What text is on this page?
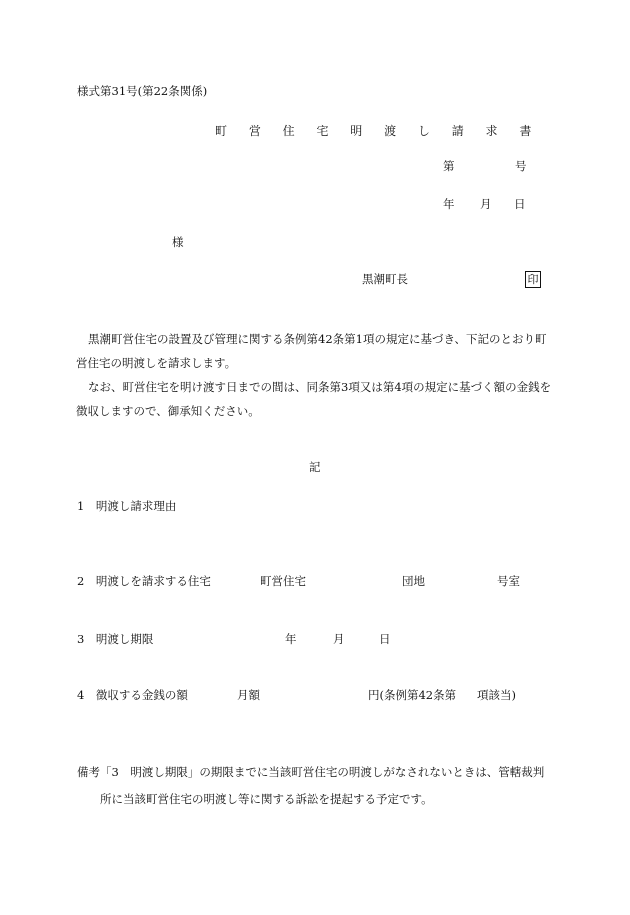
様式第31号(第22条関係)
町 営 住 宅 明 渡 し 請 求 書
第	号
年 月 日
様
黒潮町長	印

黒潮町営住宅の設置及び管理に関する条例第42条第1項の規定に基づき、下記のとおり町営住宅の明渡しを請求します。

なお、町営住宅を明け渡す日までの間は、同条第3項又は第4項の規定に基づく額の金銭を徴収しますので、御承知ください。

記
1　明渡し請求理由
2　明渡しを請求する住宅	町営住宅	団地	号室
3　明渡し期限	年	月	日
4　徴収する金銭の額	月額	円(条例第42条第 項該当)
備考「3　明渡し期限」の期限までに当該町営住宅の明渡しがなされないときは、管轄裁判
所に当該町営住宅の明渡し等に関する訴訟を提起する予定です。
